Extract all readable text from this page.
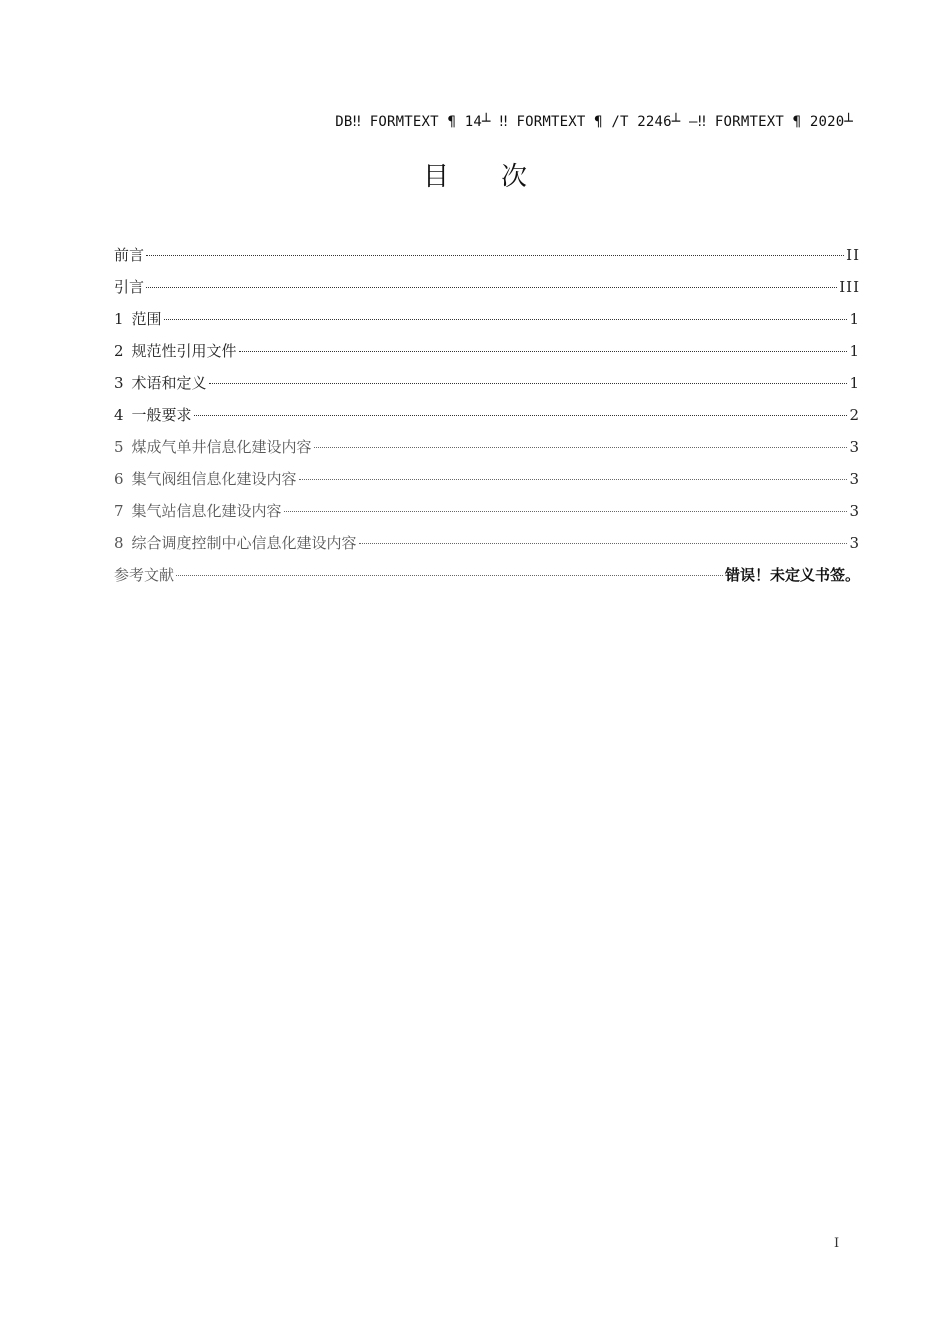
DB‼ FORMTEXT ¶ 14┴ ‼ FORMTEXT ¶ /T 2246┴ —‼ FORMTEXT ¶ 2020┴
目次
前言	II
引言	III
1 范围	1
2 规范性引用文件	1
3 术语和定义	1
4 一般要求	2
5 煤成气单井信息化建设内容	3
6 集气阀组信息化建设内容	3
7 集气站信息化建设内容	3
8 综合调度控制中心信息化建设内容	3
参考文献	错误！未定义书签。
I
